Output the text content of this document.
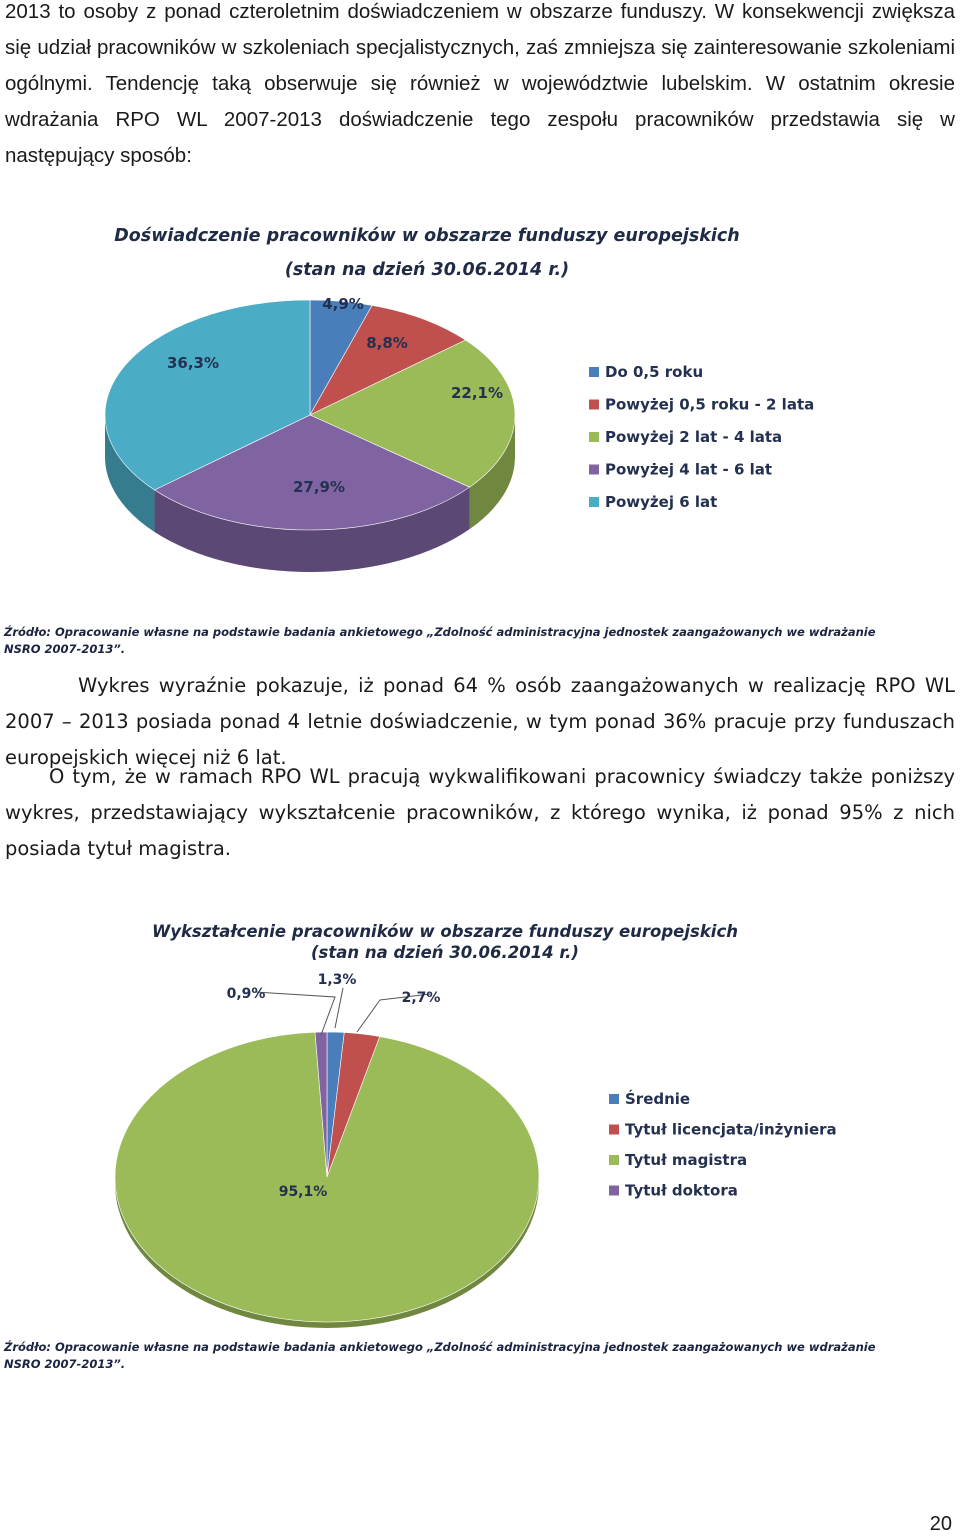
2013 to osoby z ponad czteroletnim doświadczeniem w obszarze funduszy. W konsekwencji zwiększa się udział pracowników w szkoleniach specjalistycznych, zaś zmniejsza się zainteresowanie szkoleniami ogólnymi. Tendencję taką obserwuje się również w województwie lubelskim. W ostatnim okresie wdrażania RPO WL 2007-2013 doświadczenie tego zespołu pracowników przedstawia się w następujący sposób:

Doświadczenie pracowników w obszarze funduszy europejskich
(stan na dzień 30.06.2014 r.)
4,9%
8,8%
22,1%
27,9%
36,3%	Do 0,5 roku
Powyżej 0,5 roku - 2 lata
Powyżej 2 lat - 4 lata
Powyżej 4 lat - 6 lat
Powyżej 6 lat
Źródło: Opracowanie własne na podstawie badania ankietowego „Zdolność administracyjna jednostek zaangażowanych we wdrażanie
NSRO 2007-2013”.

Wykres wyraźnie pokazuje, iż ponad 64 % osób zaangażowanych w realizację RPO WL 2007 – 2013 posiada ponad 4 letnie doświadczenie, w tym ponad 36% pracuje przy funduszach europejskich więcej niż 6 lat.

O tym, że w ramach RPO WL pracują wykwalifikowani pracownicy świadczy także poniższy wykres, przedstawiający wykształcenie pracowników, z którego wynika, iż ponad 95% z nich posiada tytuł magistra.

Wykształcenie pracowników w obszarze funduszy europejskich
(stan na dzień 30.06.2014 r.)
1,3%
2,7%
95,1%
0,9%
Średnie
Tytuł licencjata/inżyniera
Tytuł magistra
Tytuł doktora
Źródło: Opracowanie własne na podstawie badania ankietowego „Zdolność administracyjna jednostek zaangażowanych we wdrażanie
NSRO 2007-2013”.
20
